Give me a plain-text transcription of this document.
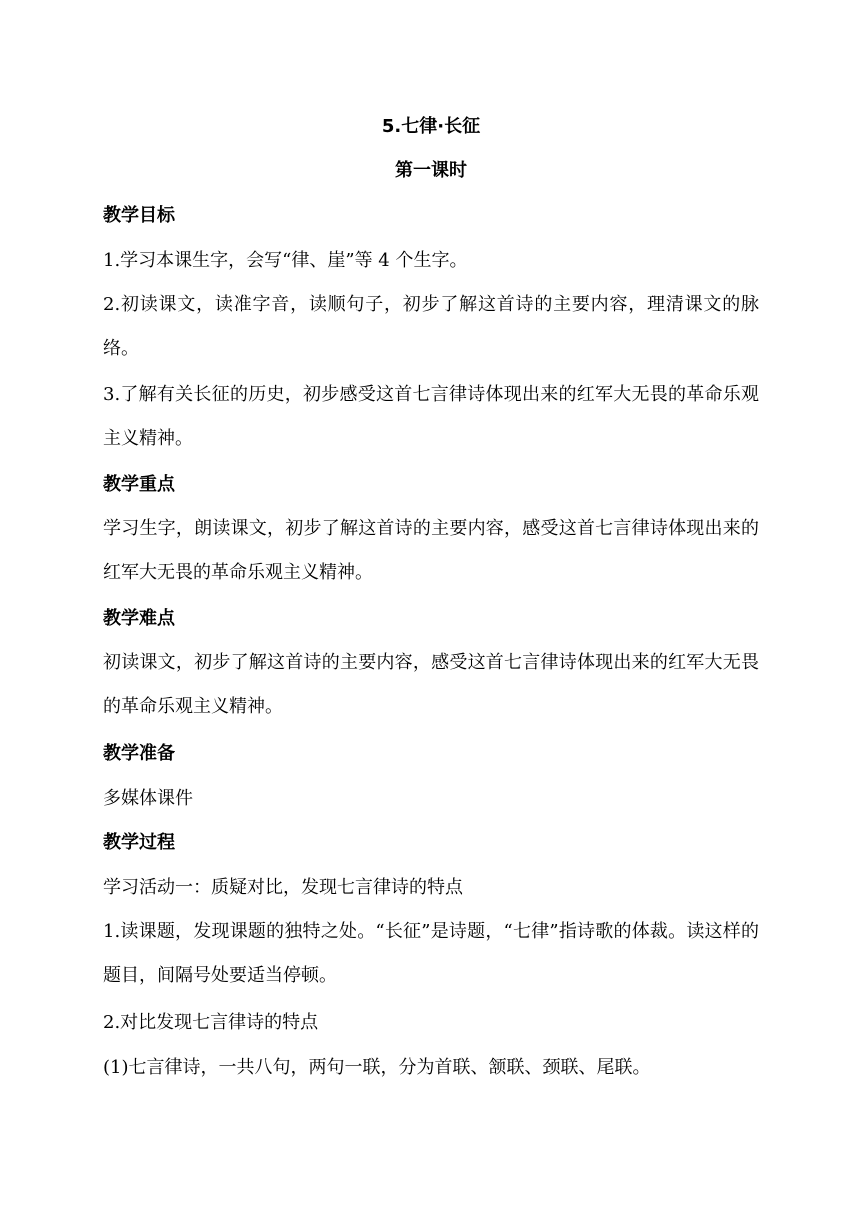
5.七律·长征
第一课时
教学目标
1.学习本课生字，会写“律、崖”等 4 个生字。
2.初读课文，读准字音，读顺句子，初步了解这首诗的主要内容，理清课文的脉络。
3.了解有关长征的历史，初步感受这首七言律诗体现出来的红军大无畏的革命乐观主义精神。
教学重点
学习生字，朗读课文，初步了解这首诗的主要内容，感受这首七言律诗体现出来的红军大无畏的革命乐观主义精神。
教学难点
初读课文，初步了解这首诗的主要内容，感受这首七言律诗体现出来的红军大无畏的革命乐观主义精神。
教学准备
多媒体课件
教学过程
学习活动一：质疑对比，发现七言律诗的特点
1.读课题，发现课题的独特之处。“长征”是诗题，“七律”指诗歌的体裁。读这样的题目，间隔号处要适当停顿。
2.对比发现七言律诗的特点
(1)七言律诗，一共八句，两句一联，分为首联、颔联、颈联、尾联。
